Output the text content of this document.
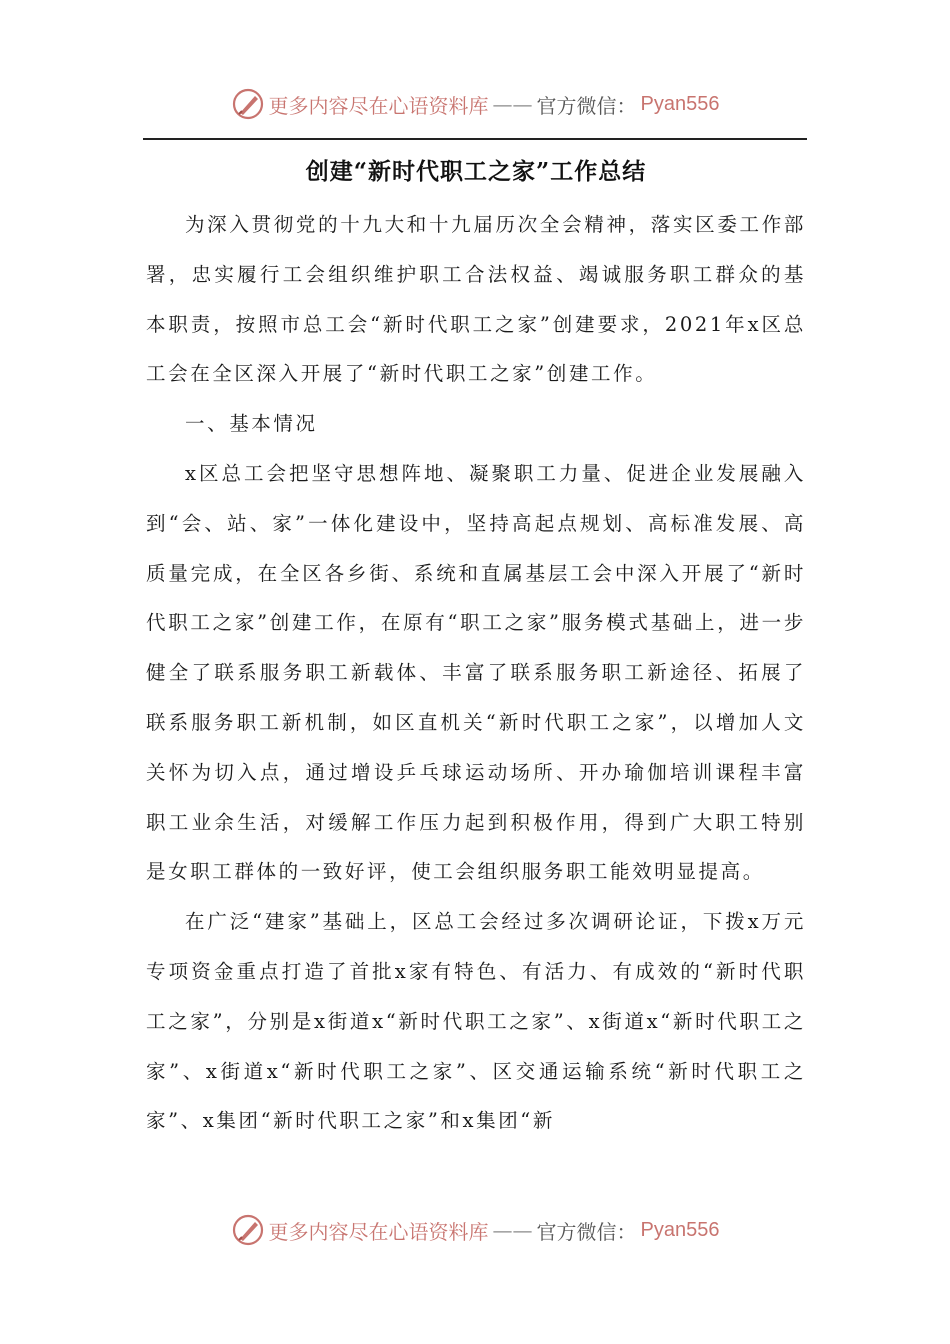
更多内容尽在心语资料库 —— 官方微信： Pyan556
创建“新时代职工之家”工作总结

为深入贯彻党的十九大和十九届历次全会精神，落实区委工作部署，忠实履行工会组织维护职工合法权益、竭诚服务职工群众的基本职责，按照市总工会“新时代职工之家”创建要求，2021年x区总工会在全区深入开展了“新时代职工之家”创建工作。

一、基本情况

x区总工会把坚守思想阵地、凝聚职工力量、促进企业发展融入到“会、站、家”一体化建设中，坚持高起点规划、高标准发展、高质量完成，在全区各乡街、系统和直属基层工会中深入开展了“新时代职工之家”创建工作，在原有“职工之家”服务模式基础上，进一步健全了联系服务职工新载体、丰富了联系服务职工新途径、拓展了联系服务职工新机制，如区直机关“新时代职工之家”，以增加人文关怀为切入点，通过增设乒乓球运动场所、开办瑜伽培训课程丰富职工业余生活，对缓解工作压力起到积极作用，得到广大职工特别是女职工群体的一致好评，使工会组织服务职工能效明显提高。

在广泛“建家”基础上，区总工会经过多次调研论证，下拨x万元专项资金重点打造了首批x家有特色、有活力、有成效的“新时代职工之家”，分别是x街道x“新时代职工之家”、x街道x“新时代职工之家”、x街道x“新时代职工之家”、区交通运输系统“新时代职工之家”、x集团“新时代职工之家”和x集团“新

更多内容尽在心语资料库 —— 官方微信： Pyan556
